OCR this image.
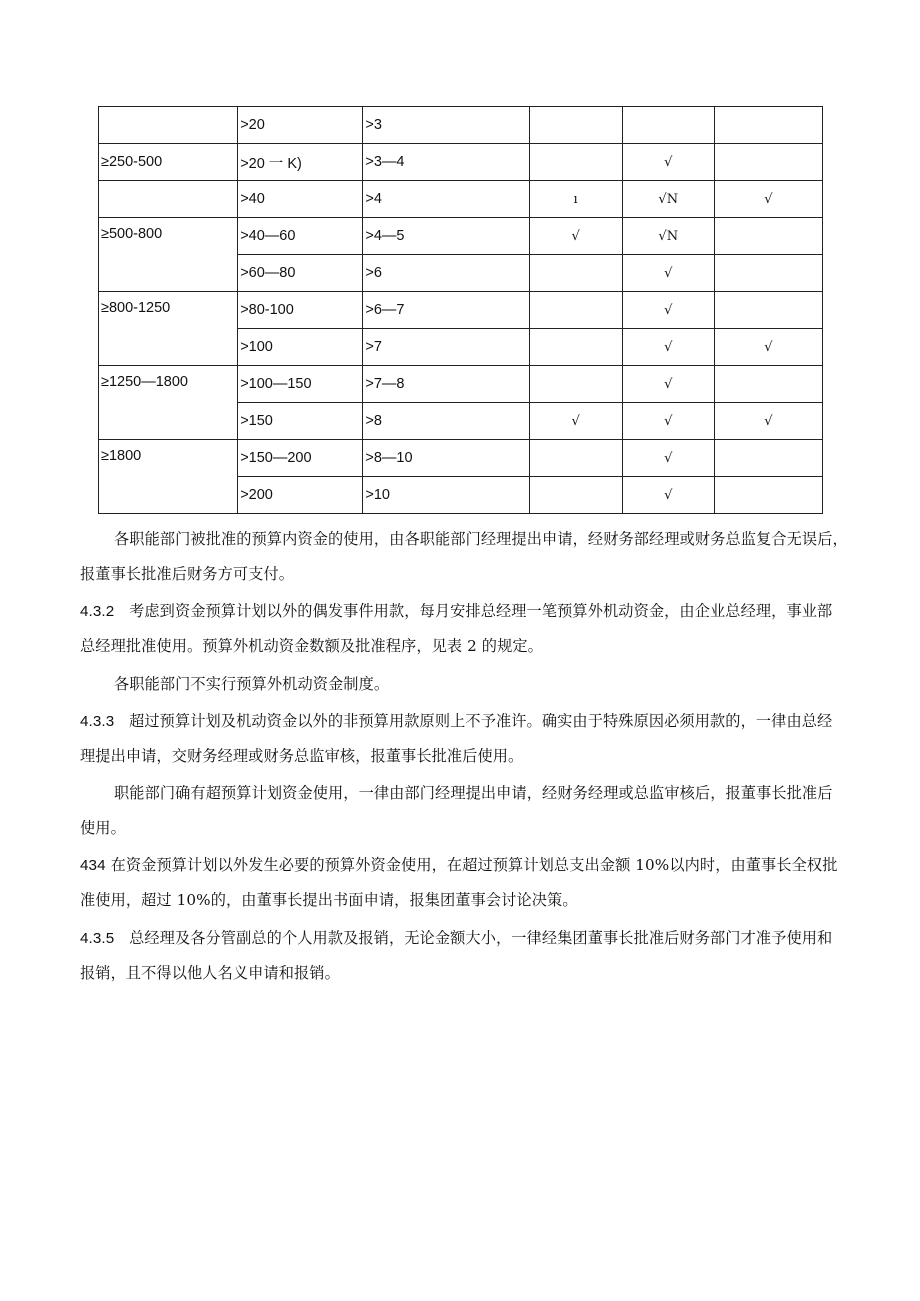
	>20	>3			
≥250-500	>20 一 K)	>3—4		√	
	>40	>4	ı	√N	√
≥500-800	>40—60	>4—5	√	√N	
	>60—80	>6		√	
≥800-1250	>80-100	>6—7		√	
	>100	>7		√	√
≥1250—1800	>100—150	>7—8		√	
	>150	>8	√	√	√
≥1800	>150—200	>8—10		√	
	>200	>10		√	
各职能部门被批准的预算内资金的使用，由各职能部门经理提出申请，经财务部经理或财务总监复合无误后，
报董事长批准后财务方可支付。
4.3.2 考虑到资金预算计划以外的偶发事件用款，每月安排总经理一笔预算外机动资金，由企业总经理，事业部
总经理批准使用。预算外机动资金数额及批准程序，见表 2 的规定。
各职能部门不实行预算外机动资金制度。
4.3.3 超过预算计划及机动资金以外的非预算用款原则上不予准许。确实由于特殊原因必须用款的，一律由总经
理提出申请，交财务经理或财务总监审核，报董事长批准后使用。
职能部门确有超预算计划资金使用，一律由部门经理提出申请，经财务经理或总监审核后，报董事长批准后
使用。
434 在资金预算计划以外发生必要的预算外资金使用，在超过预算计划总支出金额 10%以内时，由董事长全权批
准使用，超过 10%的，由董事长提出书面申请，报集团董事会讨论决策。
4.3.5 总经理及各分管副总的个人用款及报销，无论金额大小，一律经集团董事长批准后财务部门才准予使用和
报销，且不得以他人名义申请和报销。
